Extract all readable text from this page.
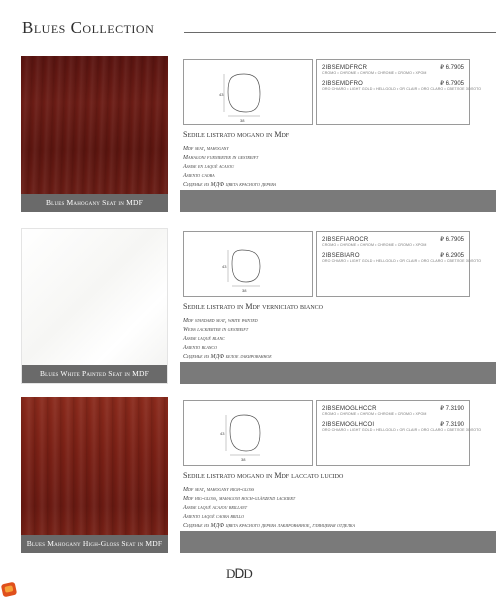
Blues Collection
Blues Mahogany Seat in MDF
43
38
2IBSEMDFRCR	₽ 6.7905
CROMO • CHROME • CHROM • CHROME • CROMO • XPOM
2IBSEMDFRO	₽ 6.7905
ORO CHIARO • LIGHT GOLD • HELLGOLD • OR CLAIR • ORO CLARO • СВЕТЛОЕ ЗОЛОТО
Sedile listrato mogano in Mdf
Mdf seat, mahogany
Mahagoni furnierter in gestreift
Assise en laqué acajou
Asiento caoba
Сиденье из МДФ цвета красного дерева
Blues White Painted Seat in MDF
43
38
2IBSEFIAROCR	₽ 6.7905
CROMO • CHROME • CHROM • CHROME • CROMO • XPOM
2IBSEBIARO	₽ 6.2905
ORO CHIARO • LIGHT GOLD • HELLGOLD • OR CLAIR • ORO CLARO • СВЕТЛОЕ ЗОЛОТО
Sedile listrato in Mdf verniciato bianco
Mdf standard seat, white painted
Weiss lackierter in gestreift
Assise laqué blanc
Asiento blanco
Сиденье из МДФ белое лакированное
Blues Mahogany High-Gloss Seat in MDF
43
38
2IBSEMOGLHCCR	₽ 7.3190
CROMO • CHROME • CHROM • CHROME • CROMO • XPOM
2IBSEMOGLHCOI	₽ 7.3190
ORO CHIARO • LIGHT GOLD • HELLGOLD • OR CLAIR • ORO CLARO • СВЕТЛОЕ ЗОЛОТО
Sedile listrato mogano in Mdf laccato lucido
Mdf seat, mahogany high-gloss
Mdf hig-gloss, mahagoni hoch-glänzend lackiert
Assise laqué acajou brillant
Asiento laqué caoba brillo
Сиденье из МДФ цвета красного дерева лакированное, глянцевая отделка
18
DᗞD
